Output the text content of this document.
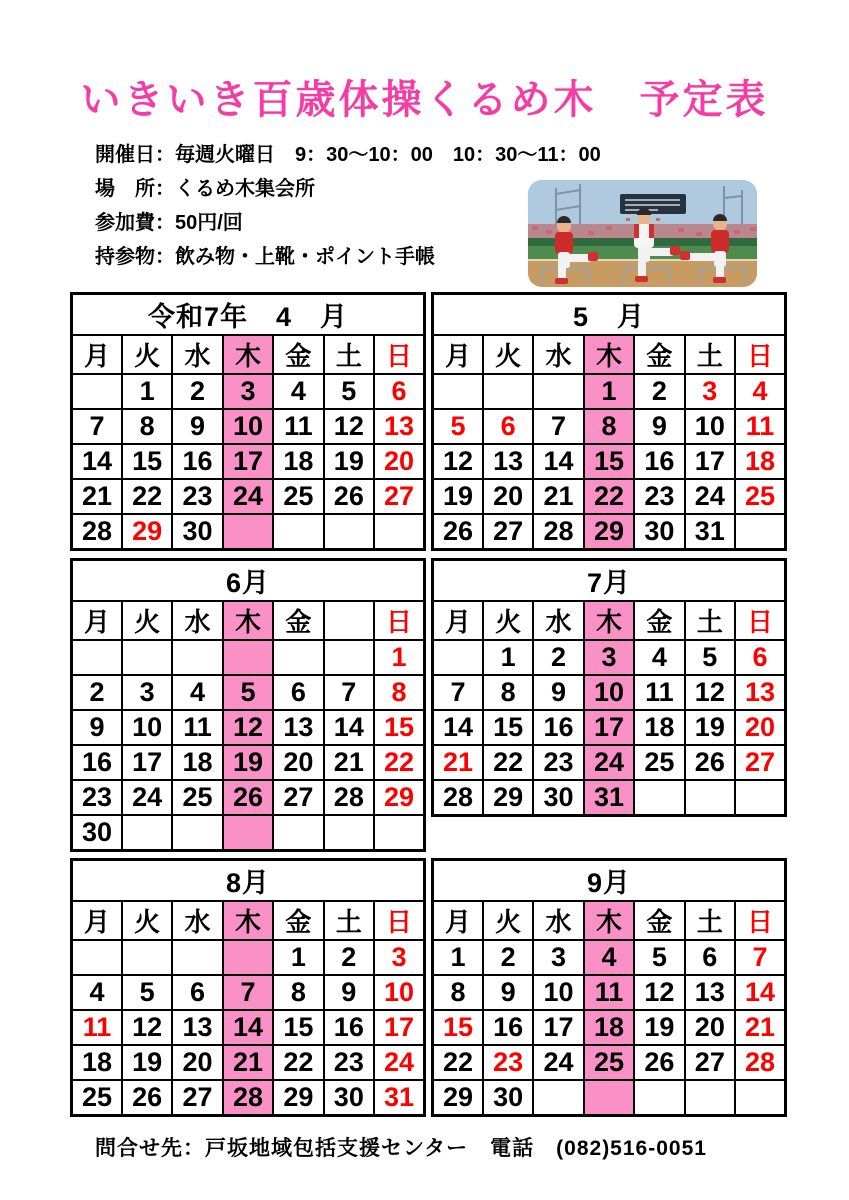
いきいき百歳体操くるめ木　予定表
開催日：毎週火曜日　9：30～10：00　10：30～11：00
場　所：くるめ木集会所
参加費：50円/回
持参物：飲み物・上靴・ポイント手帳
令和7年　4　月						
月	火	水	木	金	土	日
	1	2	3	4	5	6
7	8	9	10	11	12	13
14	15	16	17	18	19	20
21	22	23	24	25	26	27
28	29	30				
5　月						
月	火	水	木	金	土	日
			1	2	3	4
5	6	7	8	9	10	11
12	13	14	15	16	17	18
19	20	21	22	23	24	25
26	27	28	29	30	31	
6月						
月	火	水	木	金		日
						1
2	3	4	5	6	7	8
9	10	11	12	13	14	15
16	17	18	19	20	21	22
23	24	25	26	27	28	29
30						
7月						
月	火	水	木	金	土	日
	1	2	3	4	5	6
7	8	9	10	11	12	13
14	15	16	17	18	19	20
21	22	23	24	25	26	27
28	29	30	31			
8月						
月	火	水	木	金	土	日
				1	2	3
4	5	6	7	8	9	10
11	12	13	14	15	16	17
18	19	20	21	22	23	24
25	26	27	28	29	30	31
9月						
月	火	水	木	金	土	日
1	2	3	4	5	6	7
8	9	10	11	12	13	14
15	16	17	18	19	20	21
22	23	24	25	26	27	28
29	30					
問合せ先：戸坂地域包括支援センター　電話　(082)516-0051
